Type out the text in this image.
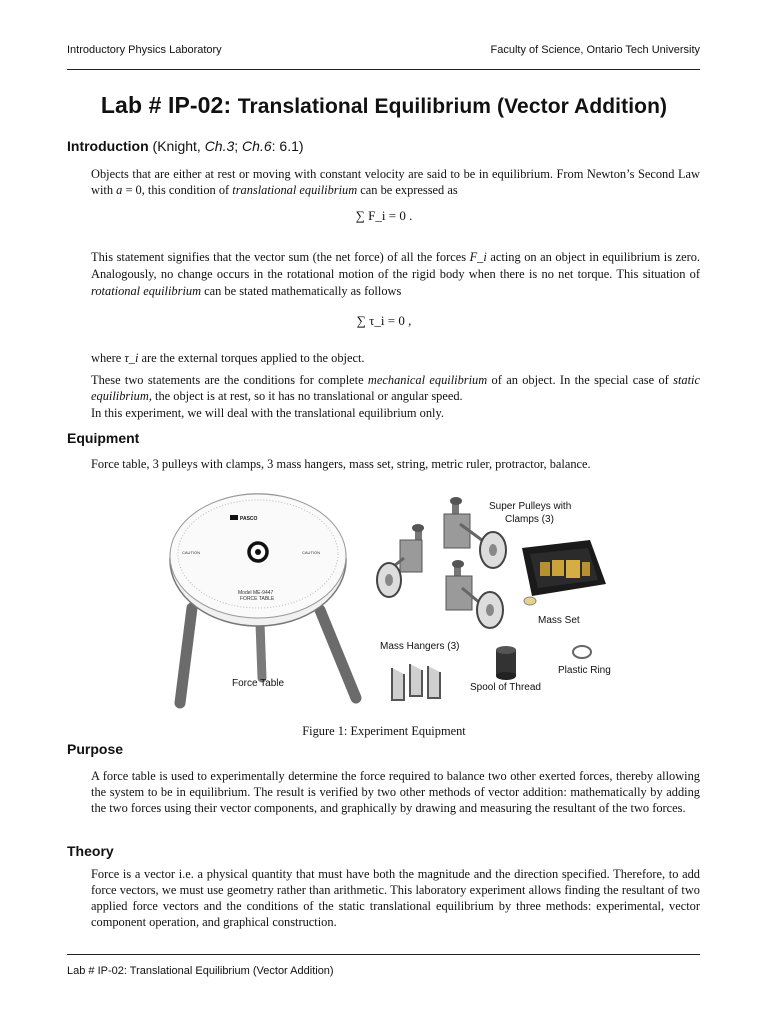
Introductory Physics Laboratory	Faculty of Science, Ontario Tech University
Lab # IP-02: Translational Equilibrium (Vector Addition)
Introduction (Knight, Ch.3; Ch.6: 6.1)

Objects that are either at rest or moving with constant velocity are said to be in equilibrium. From Newton’s Second Law with a = 0, this condition of translational equilibrium can be expressed as

∑ F_i = 0 .

This statement signifies that the vector sum (the net force) of all the forces F_i acting on an object in equilibrium is zero. Analogously, no change occurs in the rotational motion of the rigid body when there is no net torque. This situation of rotational equilibrium can be stated mathematically as follows

∑ τ_i = 0 ,

where τ_i are the external torques applied to the object.

These two statements are the conditions for complete mechanical equilibrium of an object. In the special case of static equilibrium, the object is at rest, so it has no translational or angular speed.

In this experiment, we will deal with the translational equilibrium only.

Equipment

Force table, 3 pulleys with clamps, 3 mass hangers, mass set, string, metric ruler, protractor, balance.

PASCO
CAUTION	CAUTION
Model ME-9447
FORCE TABLE
Force Table
Super Pulleys with
Clamps (3)
Mass Set
Mass Hangers (3)
Spool of Thread
Plastic Ring
Figure 1: Experiment Equipment
Purpose

A force table is used to experimentally determine the force required to balance two other exerted forces, thereby allowing the system to be in equilibrium. The result is verified by two other methods of vector addition: mathematically by adding the two forces using their vector components, and graphically by drawing and measuring the resultant of the two forces.

Theory

Force is a vector i.e. a physical quantity that must have both the magnitude and the direction specified. Therefore, to add force vectors, we must use geometry rather than arithmetic. This laboratory experiment allows finding the resultant of two applied force vectors and the conditions of the static translational equilibrium by three methods: experimental, vector component operation, and graphical construction.

Lab # IP-02: Translational Equilibrium (Vector Addition)
